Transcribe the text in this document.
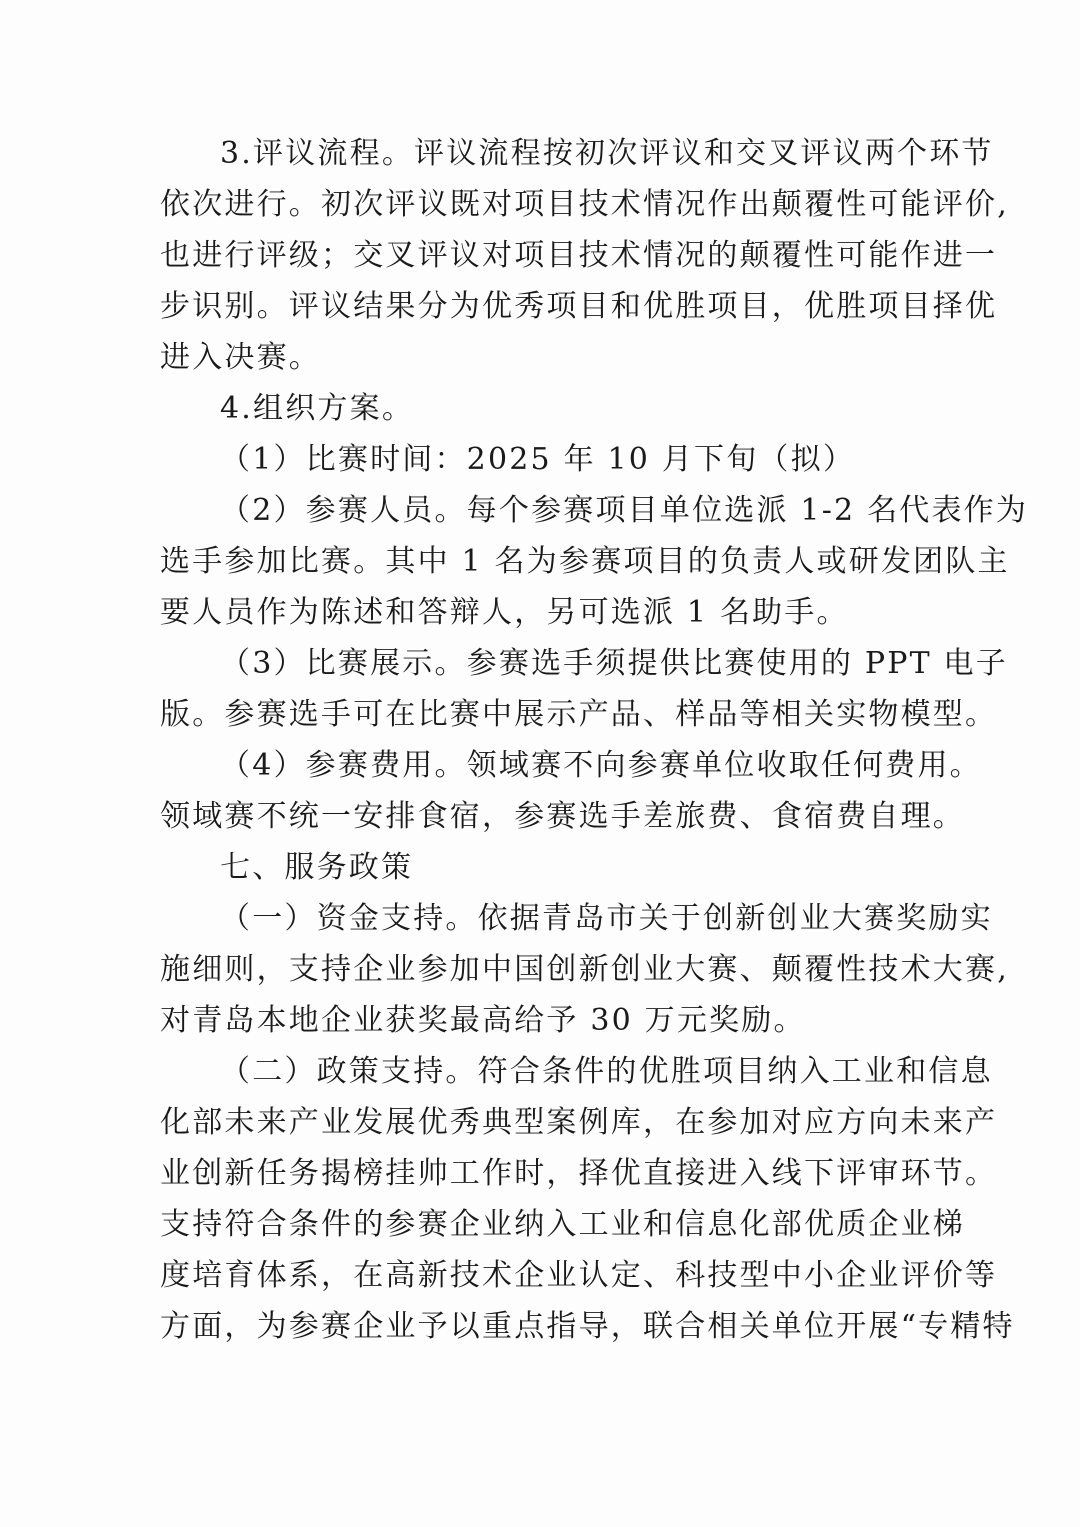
3.评议流程。评议流程按初次评议和交叉评议两个环节
依次进行。初次评议既对项目技术情况作出颠覆性可能评价,
也进行评级；交叉评议对项目技术情况的颠覆性可能作进一
步识别。评议结果分为优秀项目和优胜项目，优胜项目择优
进入决赛。
4.组织方案。
（1）比赛时间：2025 年 10 月下旬（拟）
（2）参赛人员。每个参赛项目单位选派 1-2 名代表作为
选手参加比赛。其中 1 名为参赛项目的负责人或研发团队主
要人员作为陈述和答辩人，另可选派 1 名助手。
（3）比赛展示。参赛选手须提供比赛使用的 PPT 电子
版。参赛选手可在比赛中展示产品、样品等相关实物模型。
（4）参赛费用。领域赛不向参赛单位收取任何费用。
领域赛不统一安排食宿，参赛选手差旅费、食宿费自理。
七、服务政策
（一）资金支持。依据青岛市关于创新创业大赛奖励实
施细则，支持企业参加中国创新创业大赛、颠覆性技术大赛,
对青岛本地企业获奖最高给予 30 万元奖励。
（二）政策支持。符合条件的优胜项目纳入工业和信息
化部未来产业发展优秀典型案例库，在参加对应方向未来产
业创新任务揭榜挂帅工作时，择优直接进入线下评审环节。
支持符合条件的参赛企业纳入工业和信息化部优质企业梯
度培育体系，在高新技术企业认定、科技型中小企业评价等
方面，为参赛企业予以重点指导，联合相关单位开展“专精特
